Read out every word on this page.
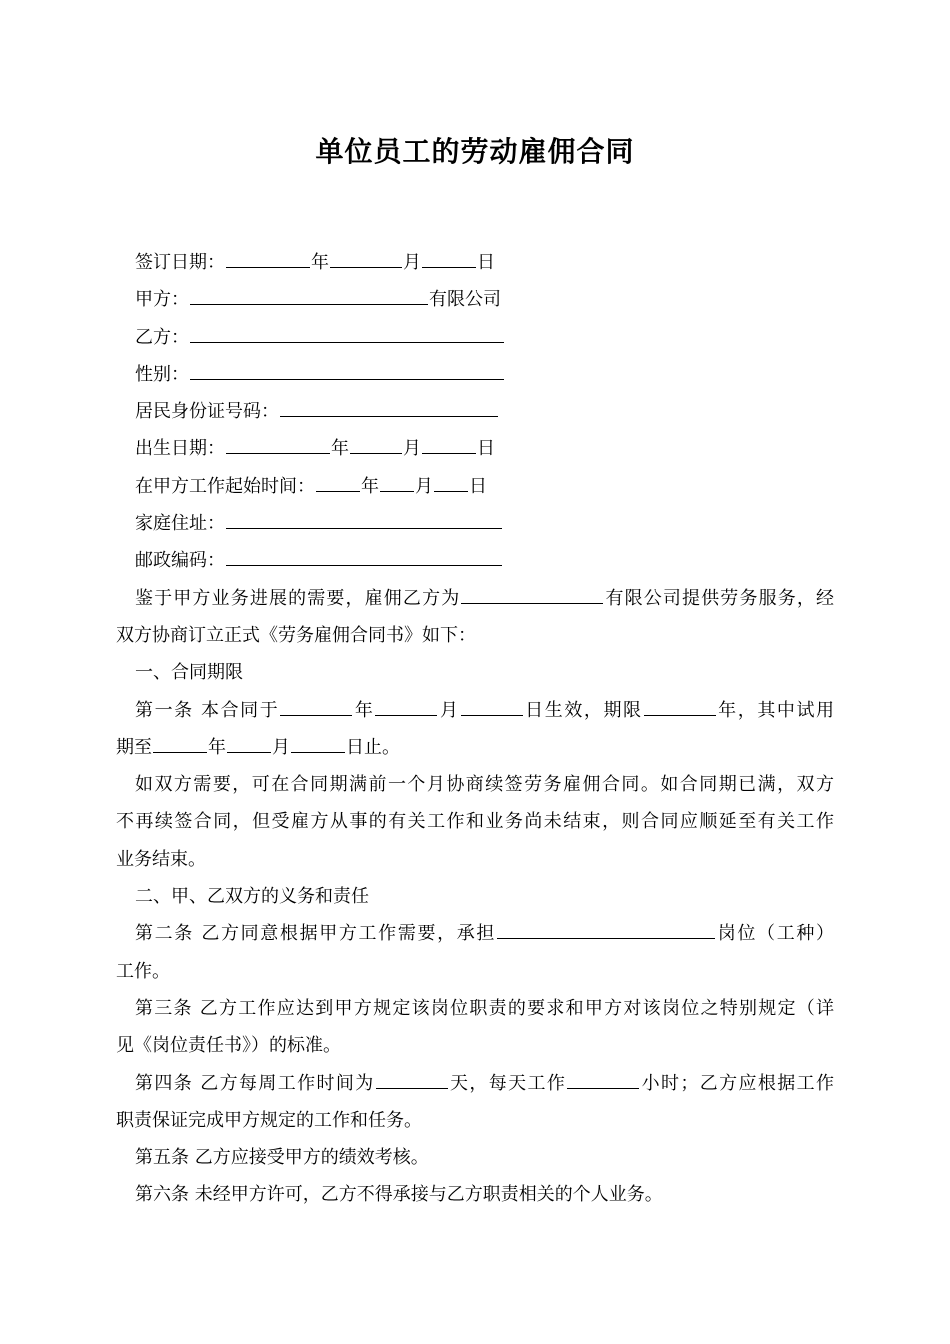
单位员工的劳动雇佣合同
签订日期：	年	月	日
甲方：	有限公司
乙方：
性别：
居民身份证号码：
出生日期：	年	月	日
在甲方工作起始时间：	年 月 日
家庭住址：
邮政编码：
鉴于甲方业务进展的需要，雇佣乙方为	有限公司提供劳务服务，经
双方协商订立正式《劳务雇佣合同书》如下：
一、合同期限
第一条 本合同于	年	月	日生效，期限	年，其中试用
期至	年	月	日止。
如双方需要，可在合同期满前一个月协商续签劳务雇佣合同。如合同期已满，双方
不再续签合同，但受雇方从事的有关工作和业务尚未结束，则合同应顺延至有关工作
业务结束。
二、甲、乙双方的义务和责任
第二条 乙方同意根据甲方工作需要，承担	岗位（工种）
工作。
第三条 乙方工作应达到甲方规定该岗位职责的要求和甲方对该岗位之特别规定（详
见《岗位责任书》）的标准。
第四条 乙方每周工作时间为	天，每天工作	小时；乙方应根据工作
职责保证完成甲方规定的工作和任务。
第五条 乙方应接受甲方的绩效考核。
第六条 未经甲方许可，乙方不得承接与乙方职责相关的个人业务。
